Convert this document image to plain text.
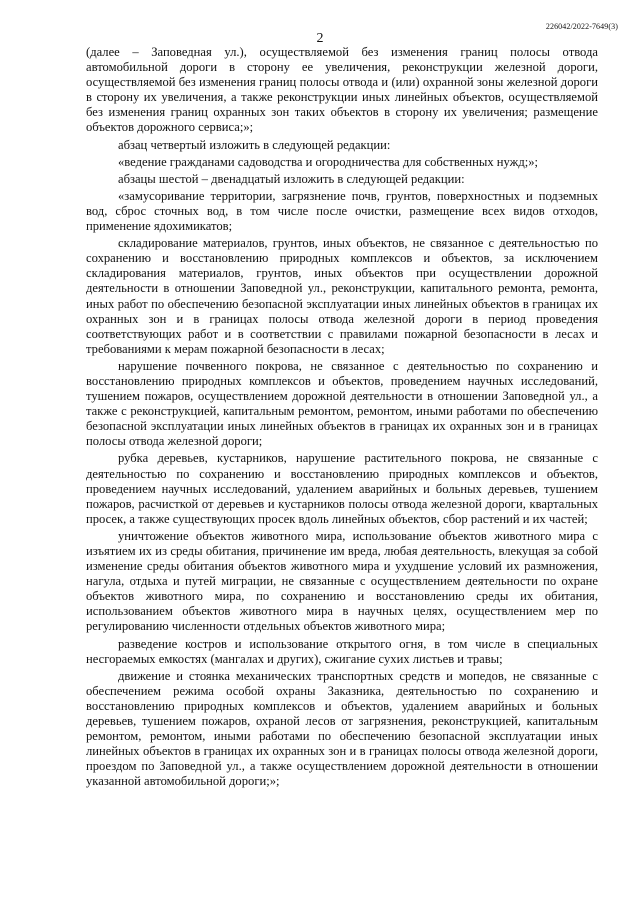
2
226042/2022-7649(3)

(далее – Заповедная ул.), осуществляемой без изменения границ полосы отвода автомобильной дороги в сторону ее увеличения, реконструкции железной дороги, осуществляемой без изменения границ полосы отвода и (или) охранной зоны железной дороги в сторону их увеличения, а также реконструкции иных линейных объектов, осуществляемой без изменения границ охранных зон таких объектов в сторону их увеличения; размещение объектов дорожного сервиса;»;

абзац четвертый изложить в следующей редакции:

«ведение гражданами садоводства и огородничества для собственных нужд;»;

абзацы шестой – двенадцатый изложить в следующей редакции:

«замусоривание территории, загрязнение почв, грунтов, поверхностных и подземных вод, сброс сточных вод, в том числе после очистки, размещение всех видов отходов, применение ядохимикатов;

складирование материалов, грунтов, иных объектов, не связанное с деятельностью по сохранению и восстановлению природных комплексов и объектов, за исключением складирования материалов, грунтов, иных объектов при осуществлении дорожной деятельности в отношении Заповедной ул., реконструкции, капитального ремонта, ремонта, иных работ по обеспечению безопасной эксплуатации иных линейных объектов в границах их охранных зон и в границах полосы отвода железной дороги в период проведения соответствующих работ и в соответствии с правилами пожарной безопасности в лесах и требованиями к мерам пожарной безопасности в лесах;

нарушение почвенного покрова, не связанное с деятельностью по сохранению и восстановлению природных комплексов и объектов, проведением научных исследований, тушением пожаров, осуществлением дорожной деятельности в отношении Заповедной ул., а также с реконструкцией, капитальным ремонтом, ремонтом, иными работами по обеспечению безопасной эксплуатации иных линейных объектов в границах их охранных зон и в границах полосы отвода железной дороги;

рубка деревьев, кустарников, нарушение растительного покрова, не связанные с деятельностью по сохранению и восстановлению природных комплексов и объектов, проведением научных исследований, удалением аварийных и больных деревьев, тушением пожаров, расчисткой от деревьев и кустарников полосы отвода железной дороги, квартальных просек, а также существующих просек вдоль линейных объектов, сбор растений и их частей;

уничтожение объектов животного мира, использование объектов животного мира с изъятием их из среды обитания, причинение им вреда, любая деятельность, влекущая за собой изменение среды обитания объектов животного мира и ухудшение условий их размножения, нагула, отдыха и путей миграции, не связанные с осуществлением деятельности по охране объектов животного мира, по сохранению и восстановлению среды их обитания, использованием объектов животного мира в научных целях, осуществлением мер по регулированию численности отдельных объектов животного мира;

разведение костров и использование открытого огня, в том числе в специальных несгораемых емкостях (мангалах и других), сжигание сухих листьев и травы;

движение и стоянка механических транспортных средств и мопедов, не связанные с обеспечением режима особой охраны Заказника, деятельностью по сохранению и восстановлению природных комплексов и объектов, удалением аварийных и больных деревьев, тушением пожаров, охраной лесов от загрязнения, реконструкцией, капитальным ремонтом, ремонтом, иными работами по обеспечению безопасной эксплуатации иных линейных объектов в границах их охранных зон и в границах полосы отвода железной дороги, проездом по Заповедной ул., а также осуществлением дорожной деятельности в отношении указанной автомобильной дороги;»;
